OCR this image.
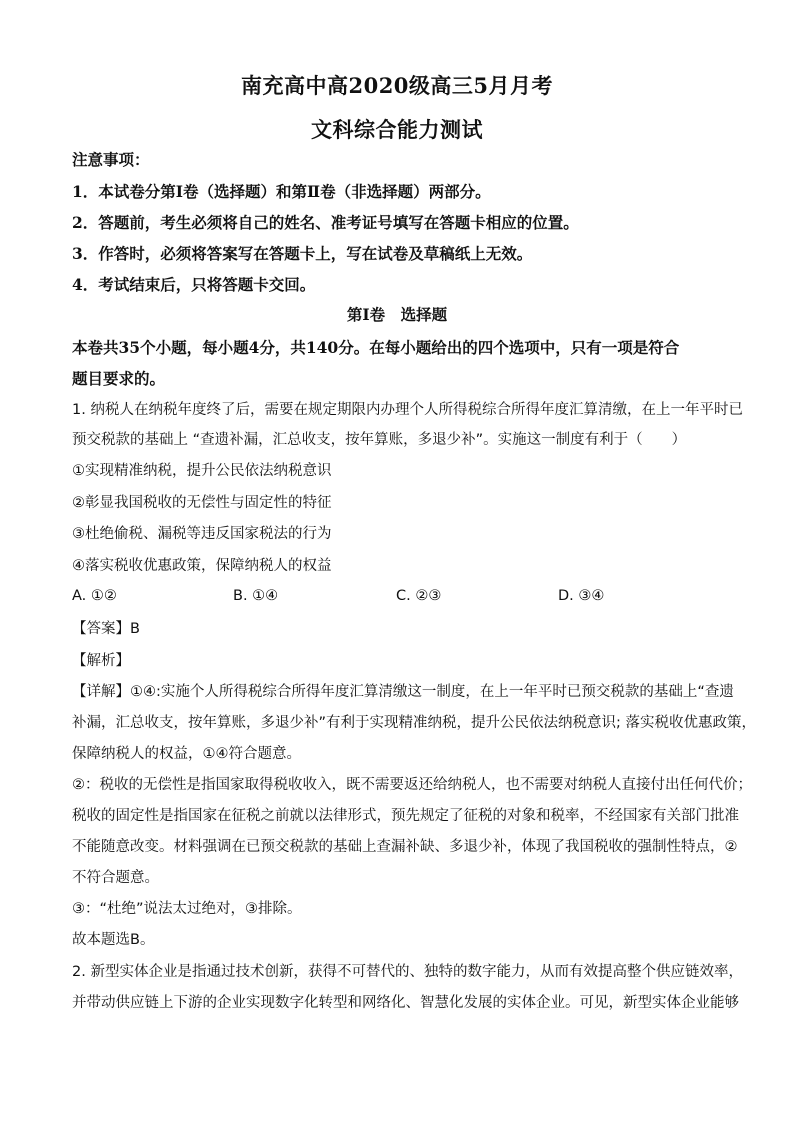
南充高中高2020级高三5月月考
文科综合能力测试
注意事项：
1．本试卷分第Ⅰ卷（选择题）和第Ⅱ卷（非选择题）两部分。
2．答题前，考生必须将自己的姓名、准考证号填写在答题卡相应的位置。
3．作答时，必须将答案写在答题卡上，写在试卷及草稿纸上无效。
4．考试结束后，只将答题卡交回。
第Ⅰ卷　选择题
本卷共35个小题，每小题4分，共140分。在每小题给出的四个选项中，只有一项是符合
题目要求的。
1. 纳税人在纳税年度终了后，需要在规定期限内办理个人所得税综合所得年度汇算清缴，在上一年平时已
预交税款的基础上 “查遗补漏，汇总收支，按年算账，多退少补”。实施这一制度有利于（　　）
①实现精准纳税，提升公民依法纳税意识
②彰显我国税收的无偿性与固定性的特征
③杜绝偷税、漏税等违反国家税法的行为
④落实税收优惠政策，保障纳税人的权益
A. ①②	B. ①④	C. ②③	D. ③④
【答案】B
【解析】
【详解】①④:实施个人所得税综合所得年度汇算清缴这一制度，在上一年平时已预交税款的基础上“查遗
补漏，汇总收支，按年算账，多退少补”有利于实现精准纳税，提升公民依法纳税意识; 落实税收优惠政策，
保障纳税人的权益，①④符合题意。
②：税收的无偿性是指国家取得税收收入，既不需要返还给纳税人，也不需要对纳税人直接付出任何代价；
税收的固定性是指国家在征税之前就以法律形式，预先规定了征税的对象和税率，不经国家有关部门批准
不能随意改变。材料强调在已预交税款的基础上查漏补缺、多退少补，体现了我国税收的强制性特点，②
不符合题意。
③：“杜绝”说法太过绝对，③排除。
故本题选B。
2. 新型实体企业是指通过技术创新，获得不可替代的、独特的数字能力，从而有效提高整个供应链效率，
并带动供应链上下游的企业实现数字化转型和网络化、智慧化发展的实体企业。可见，新型实体企业能够
